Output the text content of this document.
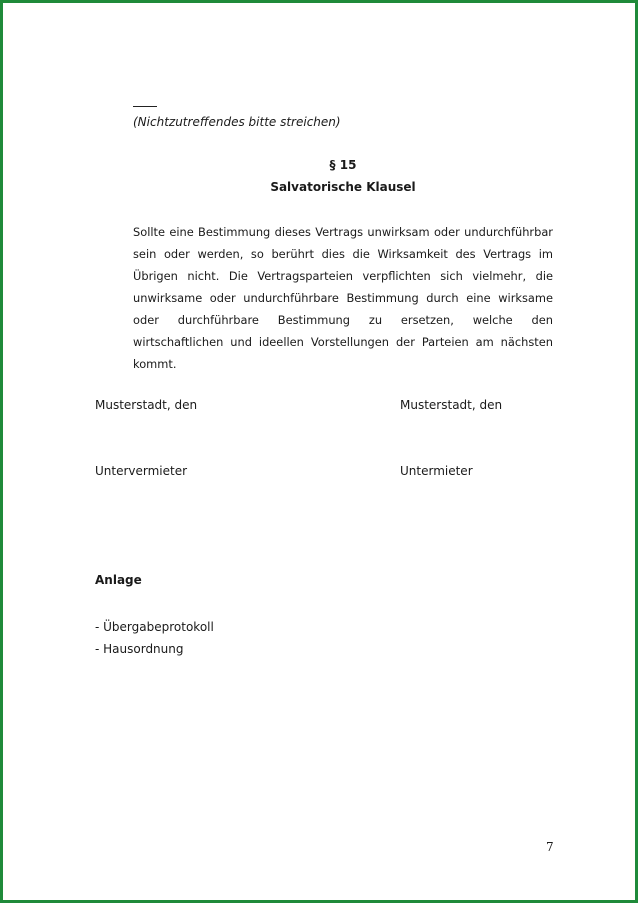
(Nichtzutreffendes bitte streichen)
§ 15
Salvatorische Klausel

Sollte eine Bestimmung dieses Vertrags unwirksam oder undurchführbar sein oder werden, so berührt dies die Wirksamkeit des Vertrags im Übrigen nicht. Die Vertragsparteien verpflichten sich vielmehr, die unwirksame oder undurchführbare Bestimmung durch eine wirksame oder durchführbare Bestimmung zu ersetzen, welche den wirtschaftlichen und ideellen Vorstellungen der Parteien am nächsten kommt.

Musterstadt, den	Musterstadt, den
Untervermieter	Untermieter
Anlage
- Übergabeprotokoll
- Hausordnung
7
